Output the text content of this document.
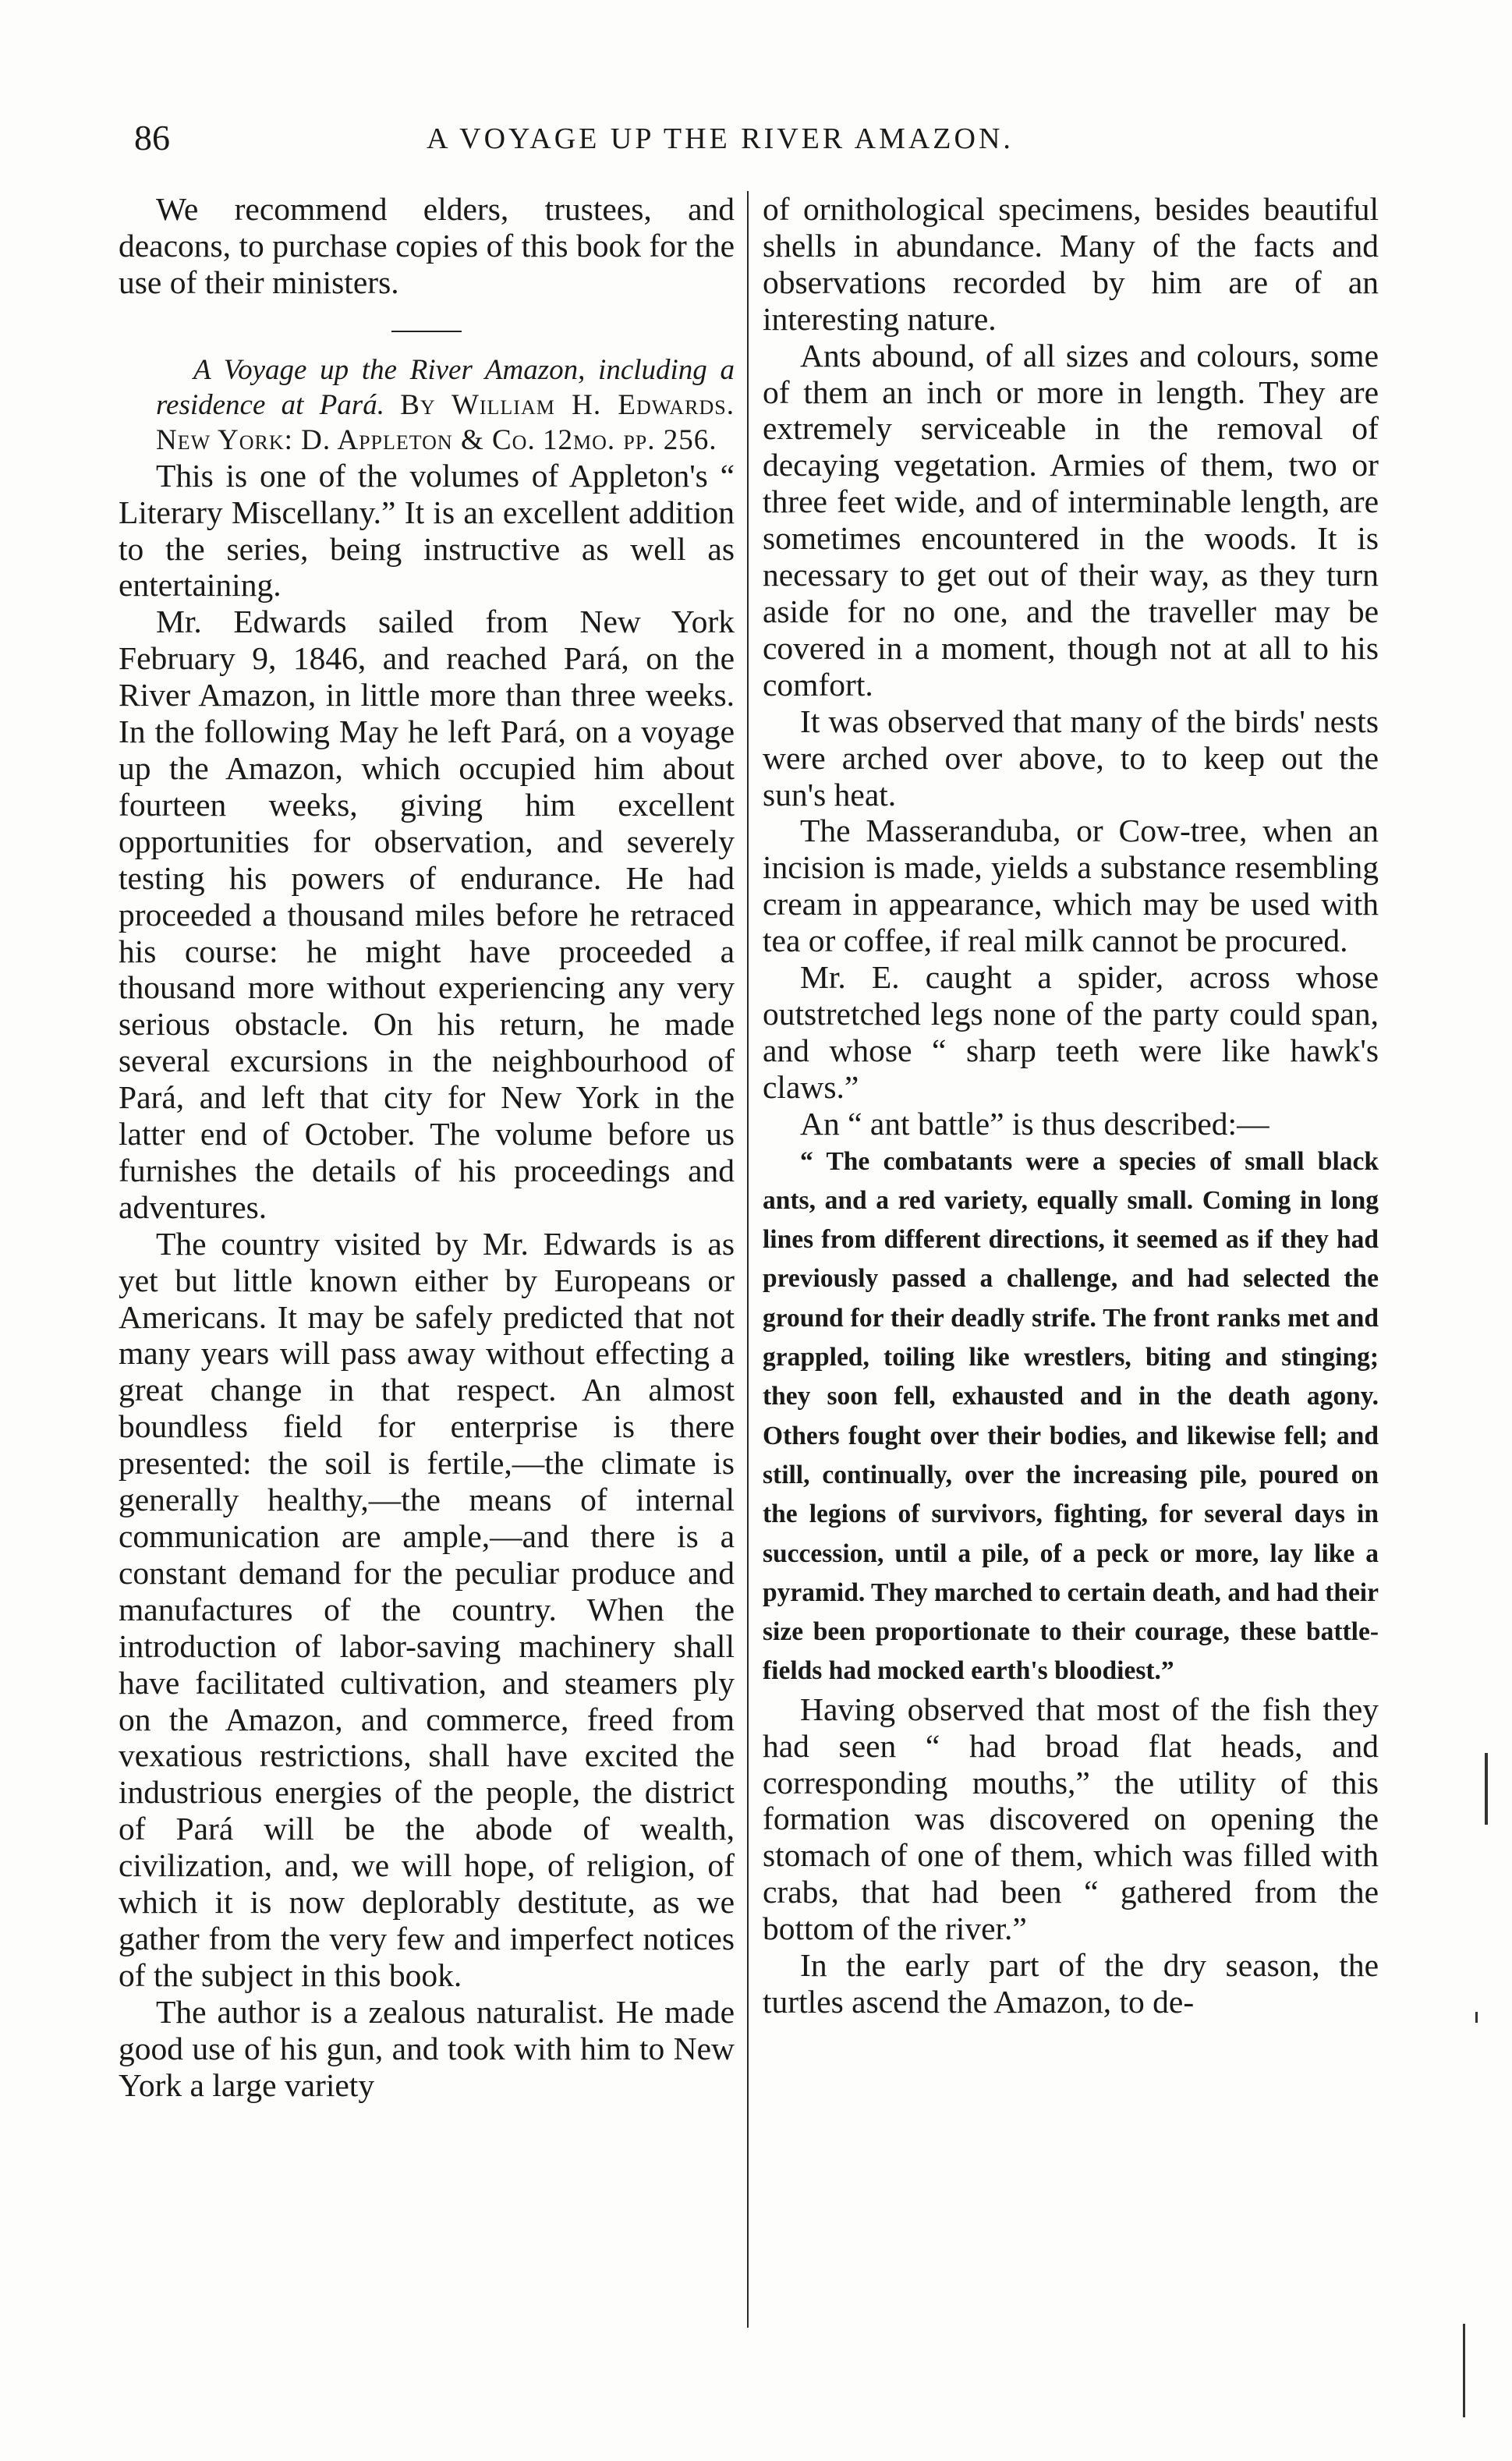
86	A VOYAGE UP THE RIVER AMAZON.

We recommend elders, trustees, and deacons, to purchase copies of this book for the use of their ministers.

A Voyage up the River Amazon, including a residence at Pará. By William H. Edwards. New York: D. Appleton & Co. 12mo. pp. 256.

This is one of the volumes of Appleton's “ Literary Miscellany.” It is an excellent addition to the series, being instructive as well as entertaining.

Mr. Edwards sailed from New York February 9, 1846, and reached Pará, on the River Amazon, in little more than three weeks. In the following May he left Pará, on a voyage up the Amazon, which occupied him about fourteen weeks, giving him excellent opportunities for observation, and severely testing his powers of endurance. He had proceeded a thousand miles before he retraced his course: he might have proceeded a thousand more without experiencing any very serious obstacle. On his return, he made several excursions in the neighbourhood of Pará, and left that city for New York in the latter end of October. The volume before us furnishes the details of his proceedings and adventures.

The country visited by Mr. Edwards is as yet but little known either by Europeans or Americans. It may be safely predicted that not many years will pass away without effecting a great change in that respect. An almost boundless field for enterprise is there presented: the soil is fertile,—the climate is generally healthy,—the means of internal communication are ample,—and there is a constant demand for the peculiar produce and manufactures of the country. When the introduction of labor-saving machinery shall have facilitated cultivation, and steamers ply on the Amazon, and commerce, freed from vexatious restrictions, shall have excited the industrious energies of the people, the district of Pará will be the abode of wealth, civilization, and, we will hope, of religion, of which it is now deplorably destitute, as we gather from the very few and imperfect notices of the subject in this book.

The author is a zealous naturalist. He made good use of his gun, and took with him to New York a large variety

of ornithological specimens, besides beautiful shells in abundance. Many of the facts and observations recorded by him are of an interesting nature.

Ants abound, of all sizes and colours, some of them an inch or more in length. They are extremely serviceable in the removal of decaying vegetation. Armies of them, two or three feet wide, and of interminable length, are sometimes encountered in the woods. It is necessary to get out of their way, as they turn aside for no one, and the traveller may be covered in a moment, though not at all to his comfort.

It was observed that many of the birds' nests were arched over above, to to keep out the sun's heat.

The Masseranduba, or Cow-tree, when an incision is made, yields a substance resembling cream in appearance, which may be used with tea or coffee, if real milk cannot be procured.

Mr. E. caught a spider, across whose outstretched legs none of the party could span, and whose “ sharp teeth were like hawk's claws.”

An “ ant battle” is thus described:—

“ The combatants were a species of small black ants, and a red variety, equally small. Coming in long lines from different directions, it seemed as if they had previously passed a challenge, and had selected the ground for their deadly strife. The front ranks met and grappled, toiling like wrestlers, biting and stinging; they soon fell, exhausted and in the death agony. Others fought over their bodies, and likewise fell; and still, continually, over the increasing pile, poured on the legions of survivors, fighting, for several days in succession, until a pile, of a peck or more, lay like a pyramid. They marched to certain death, and had their size been proportionate to their courage, these battle-fields had mocked earth's bloodiest.”

Having observed that most of the fish they had seen “ had broad flat heads, and corresponding mouths,” the utility of this formation was discovered on opening the stomach of one of them, which was filled with crabs, that had been “ gathered from the bottom of the river.”

In the early part of the dry season, the turtles ascend the Amazon, to de-
